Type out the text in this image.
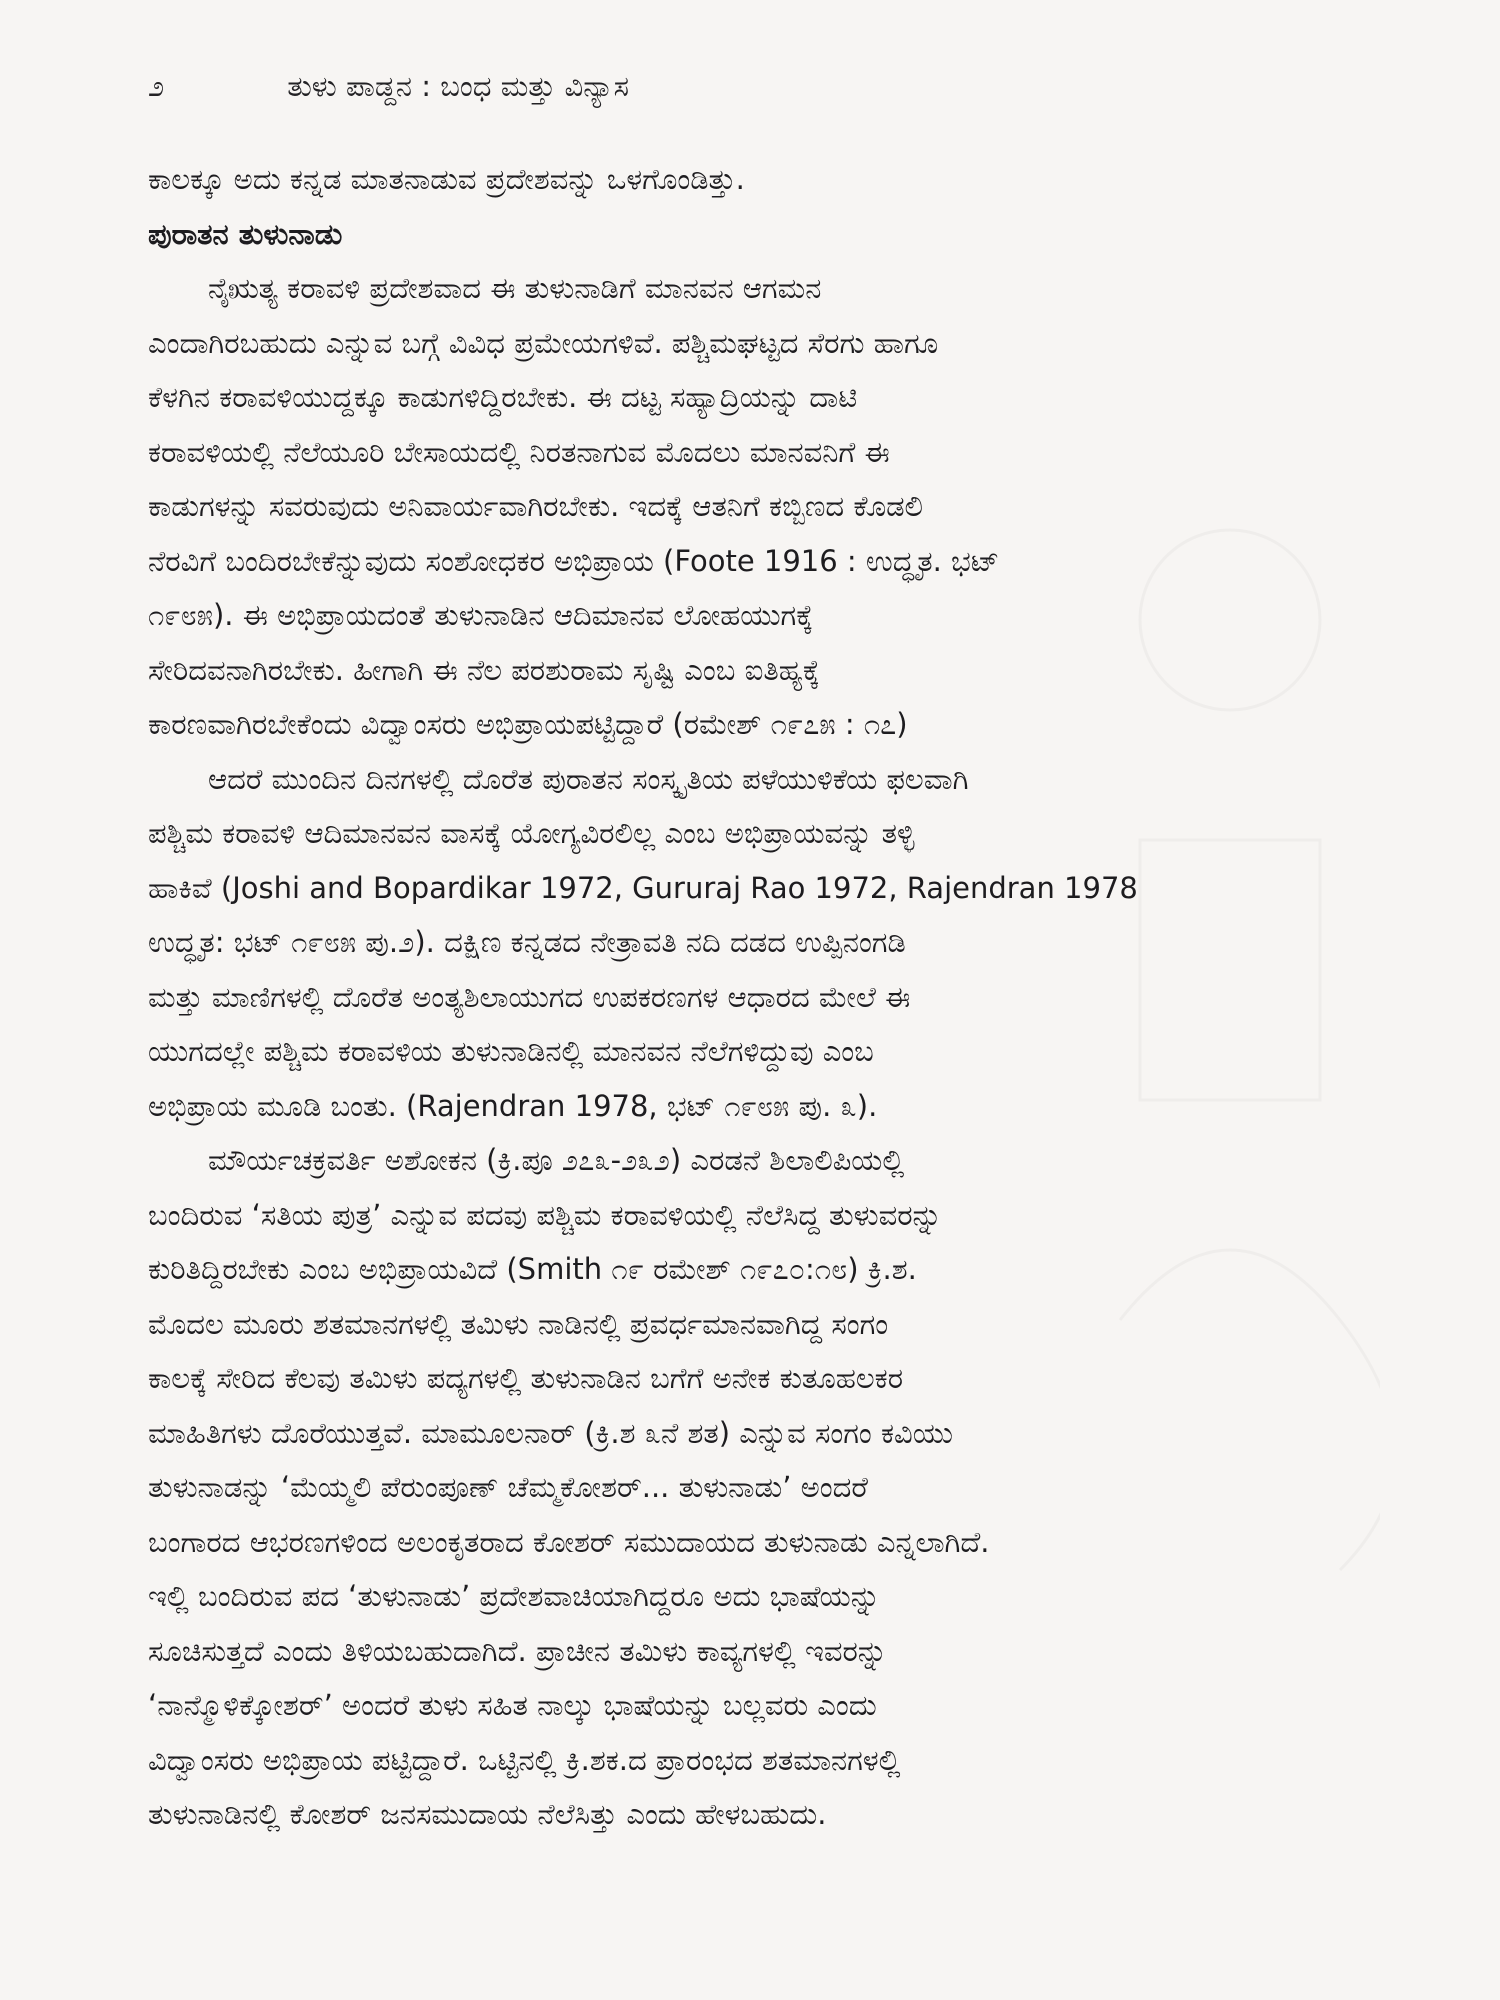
೨	ತುಳು ಪಾಡ್ದನ : ಬಂಧ ಮತ್ತು ವಿನ್ಯಾಸ

ಕಾಲಕ್ಕೂ ಅದು ಕನ್ನಡ ಮಾತನಾಡುವ ಪ್ರದೇಶವನ್ನು ಒಳಗೊಂಡಿತ್ತು.

ಪುರಾತನ ತುಳುನಾಡು

ನೈಋತ್ಯ ಕರಾವಳಿ ಪ್ರದೇಶವಾದ ಈ ತುಳುನಾಡಿಗೆ ಮಾನವನ ಆಗಮನ
ಎಂದಾಗಿರಬಹುದು ಎನ್ನುವ ಬಗ್ಗೆ ವಿವಿಧ ಪ್ರಮೇಯಗಳಿವೆ. ಪಶ್ಚಿಮಘಟ್ಟದ ಸೆರಗು ಹಾಗೂ
ಕೆಳಗಿನ ಕರಾವಳಿಯುದ್ದಕ್ಕೂ ಕಾಡುಗಳಿದ್ದಿರಬೇಕು. ಈ ದಟ್ಟ ಸಹ್ಯಾದ್ರಿಯನ್ನು ದಾಟಿ
ಕರಾವಳಿಯಲ್ಲಿ ನೆಲೆಯೂರಿ ಬೇಸಾಯದಲ್ಲಿ ನಿರತನಾಗುವ ಮೊದಲು ಮಾನವನಿಗೆ ಈ
ಕಾಡುಗಳನ್ನು ಸವರುವುದು ಅನಿವಾರ್ಯವಾಗಿರಬೇಕು. ಇದಕ್ಕೆ ಆತನಿಗೆ ಕಬ್ಬಿಣದ ಕೊಡಲಿ
ನೆರವಿಗೆ ಬಂದಿರಬೇಕೆನ್ನುವುದು ಸಂಶೋಧಕರ ಅಭಿಪ್ರಾಯ (Foote 1916 : ಉದ್ಧೃತ. ಭಟ್
೧೯೮೫). ಈ ಅಭಿಪ್ರಾಯದಂತೆ ತುಳುನಾಡಿನ ಆದಿಮಾನವ ಲೋಹಯುಗಕ್ಕೆ
ಸೇರಿದವನಾಗಿರಬೇಕು. ಹೀಗಾಗಿ ಈ ನೆಲ ಪರಶುರಾಮ ಸೃಷ್ಟಿ ಎಂಬ ಐತಿಹ್ಯಕ್ಕೆ
ಕಾರಣವಾಗಿರಬೇಕೆಂದು ವಿದ್ವಾಂಸರು ಅಭಿಪ್ರಾಯಪಟ್ಟಿದ್ದಾರೆ (ರಮೇಶ್ ೧೯೭೫ : ೧೭)
ಆದರೆ ಮುಂದಿನ ದಿನಗಳಲ್ಲಿ ದೊರೆತ ಪುರಾತನ ಸಂಸ್ಕೃತಿಯ ಪಳೆಯುಳಿಕೆಯ ಫಲವಾಗಿ
ಪಶ್ಚಿಮ ಕರಾವಳಿ ಆದಿಮಾನವನ ವಾಸಕ್ಕೆ ಯೋಗ್ಯವಿರಲಿಲ್ಲ ಎಂಬ ಅಭಿಪ್ರಾಯವನ್ನು ತಳ್ಳಿ
ಹಾಕಿವೆ (Joshi and Bopardikar 1972, Gururaj Rao 1972, Rajendran 1978
ಉದ್ಧೃತ: ಭಟ್ ೧೯೮೫ ಪು.೨). ದಕ್ಷಿಣ ಕನ್ನಡದ ನೇತ್ರಾವತಿ ನದಿ ದಡದ ಉಪ್ಪಿನಂಗಡಿ
ಮತ್ತು ಮಾಣಿಗಳಲ್ಲಿ ದೊರೆತ ಅಂತ್ಯಶಿಲಾಯುಗದ ಉಪಕರಣಗಳ ಆಧಾರದ ಮೇಲೆ ಈ
ಯುಗದಲ್ಲೇ ಪಶ್ಚಿಮ ಕರಾವಳಿಯ ತುಳುನಾಡಿನಲ್ಲಿ ಮಾನವನ ನೆಲೆಗಳಿದ್ದುವು ಎಂಬ
ಅಭಿಪ್ರಾಯ ಮೂಡಿ ಬಂತು. (Rajendran 1978, ಭಟ್ ೧೯೮೫ ಪು. ೩).
ಮೌರ್ಯಚಕ್ರವರ್ತಿ ಅಶೋಕನ (ಕ್ರಿ.ಪೂ ೨೭೩-೨೩೨) ಎರಡನೆ ಶಿಲಾಲಿಪಿಯಲ್ಲಿ
ಬಂದಿರುವ ‘ಸತಿಯ ಪುತ್ರ’ ಎನ್ನುವ ಪದವು ಪಶ್ಚಿಮ ಕರಾವಳಿಯಲ್ಲಿ ನೆಲೆಸಿದ್ದ ತುಳುವರನ್ನು
ಕುರಿತಿದ್ದಿರಬೇಕು ಎಂಬ ಅಭಿಪ್ರಾಯವಿದೆ (Smith ೧೯ ರಮೇಶ್ ೧೯೭೦:೧೮) ಕ್ರಿ.ಶ.
ಮೊದಲ ಮೂರು ಶತಮಾನಗಳಲ್ಲಿ ತಮಿಳು ನಾಡಿನಲ್ಲಿ ಪ್ರವರ್ಧಮಾನವಾಗಿದ್ದ ಸಂಗಂ
ಕಾಲಕ್ಕೆ ಸೇರಿದ ಕೆಲವು ತಮಿಳು ಪದ್ಯಗಳಲ್ಲಿ ತುಳುನಾಡಿನ ಬಗೆಗೆ ಅನೇಕ ಕುತೂಹಲಕರ
ಮಾಹಿತಿಗಳು ದೊರೆಯುತ್ತವೆ. ಮಾಮೂಲನಾರ್ (ಕ್ರಿ.ಶ ೩ನೆ ಶತ) ಎನ್ನುವ ಸಂಗಂ ಕವಿಯು
ತುಳುನಾಡನ್ನು ‘ಮೆಯ್ಮಲಿ ಪೆರುಂಪೂಣ್ ಚೆಮ್ಮಕೋಶರ್... ತುಳುನಾಡು’ ಅಂದರೆ
ಬಂಗಾರದ ಆಭರಣಗಳಿಂದ ಅಲಂಕೃತರಾದ ಕೋಶರ್ ಸಮುದಾಯದ ತುಳುನಾಡು ಎನ್ನಲಾಗಿದೆ.
ಇಲ್ಲಿ ಬಂದಿರುವ ಪದ ‘ತುಳುನಾಡು’ ಪ್ರದೇಶವಾಚಿಯಾಗಿದ್ದರೂ ಅದು ಭಾಷೆಯನ್ನು
ಸೂಚಿಸುತ್ತದೆ ಎಂದು ತಿಳಿಯಬಹುದಾಗಿದೆ. ಪ್ರಾಚೀನ ತಮಿಳು ಕಾವ್ಯಗಳಲ್ಲಿ ಇವರನ್ನು
‘ನಾನ್ಮೊಳಿಕ್ಕೋಶರ್’ ಅಂದರೆ ತುಳು ಸಹಿತ ನಾಲ್ಕು ಭಾಷೆಯನ್ನು ಬಲ್ಲವರು ಎಂದು
ವಿದ್ವಾಂಸರು ಅಭಿಪ್ರಾಯ ಪಟ್ಟಿದ್ದಾರೆ. ಒಟ್ಟಿನಲ್ಲಿ ಕ್ರಿ.ಶಕ.ದ ಪ್ರಾರಂಭದ ಶತಮಾನಗಳಲ್ಲಿ
ತುಳುನಾಡಿನಲ್ಲಿ ಕೋಶರ್ ಜನಸಮುದಾಯ ನೆಲೆಸಿತ್ತು ಎಂದು ಹೇಳಬಹುದು.
